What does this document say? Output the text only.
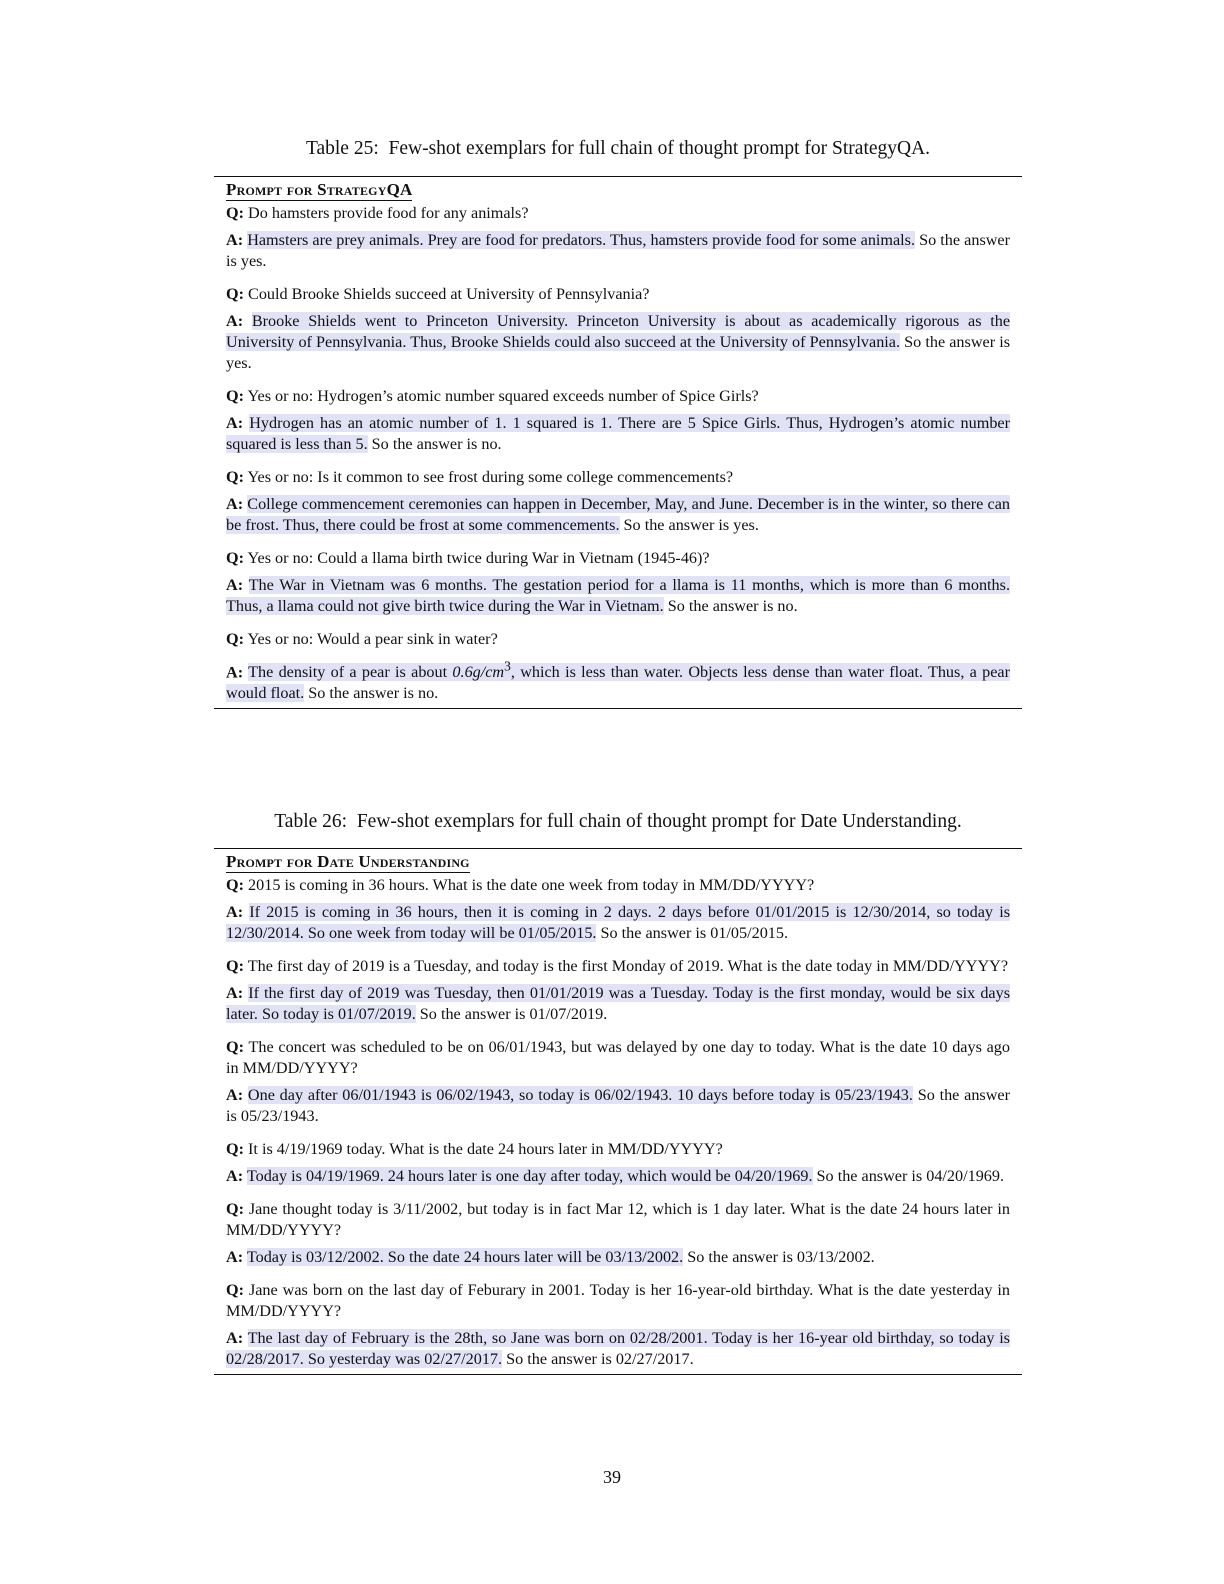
Table 25:  Few-shot exemplars for full chain of thought prompt for StrategyQA.
Prompt for StrategyQA

Q: Do hamsters provide food for any animals?

A: Hamsters are prey animals. Prey are food for predators. Thus, hamsters provide food for some animals. So the answer is yes.

Q: Could Brooke Shields succeed at University of Pennsylvania?

A: Brooke Shields went to Princeton University. Princeton University is about as academically rigorous as the University of Pennsylvania. Thus, Brooke Shields could also succeed at the University of Pennsylvania. So the answer is yes.

Q: Yes or no: Hydrogen’s atomic number squared exceeds number of Spice Girls?

A: Hydrogen has an atomic number of 1. 1 squared is 1. There are 5 Spice Girls. Thus, Hydrogen’s atomic number squared is less than 5. So the answer is no.

Q: Yes or no: Is it common to see frost during some college commencements?

A: College commencement ceremonies can happen in December, May, and June. December is in the winter, so there can be frost. Thus, there could be frost at some commencements. So the answer is yes.

Q: Yes or no: Could a llama birth twice during War in Vietnam (1945-46)?

A: The War in Vietnam was 6 months. The gestation period for a llama is 11 months, which is more than 6 months. Thus, a llama could not give birth twice during the War in Vietnam. So the answer is no.

Q: Yes or no: Would a pear sink in water?

A: The density of a pear is about $0.6g/cm^3$, which is less than water. Objects less dense than water float. Thus, a pear would float. So the answer is no.

Table 26:  Few-shot exemplars for full chain of thought prompt for Date Understanding.
Prompt for Date Understanding

Q: 2015 is coming in 36 hours. What is the date one week from today in MM/DD/YYYY?

A: If 2015 is coming in 36 hours, then it is coming in 2 days. 2 days before 01/01/2015 is 12/30/2014, so today is 12/30/2014. So one week from today will be 01/05/2015. So the answer is 01/05/2015.

Q: The first day of 2019 is a Tuesday, and today is the first Monday of 2019. What is the date today in MM/DD/YYYY?

A: If the first day of 2019 was Tuesday, then 01/01/2019 was a Tuesday. Today is the first monday, would be six days later. So today is 01/07/2019. So the answer is 01/07/2019.

Q: The concert was scheduled to be on 06/01/1943, but was delayed by one day to today. What is the date 10 days ago in MM/DD/YYYY?

A: One day after 06/01/1943 is 06/02/1943, so today is 06/02/1943. 10 days before today is 05/23/1943. So the answer is 05/23/1943.

Q: It is 4/19/1969 today. What is the date 24 hours later in MM/DD/YYYY?

A: Today is 04/19/1969. 24 hours later is one day after today, which would be 04/20/1969. So the answer is 04/20/1969.

Q: Jane thought today is 3/11/2002, but today is in fact Mar 12, which is 1 day later. What is the date 24 hours later in MM/DD/YYYY?

A: Today is 03/12/2002. So the date 24 hours later will be 03/13/2002. So the answer is 03/13/2002.

Q: Jane was born on the last day of Feburary in 2001. Today is her 16-year-old birthday. What is the date yesterday in MM/DD/YYYY?

A: The last day of February is the 28th, so Jane was born on 02/28/2001. Today is her 16-year old birthday, so today is 02/28/2017. So yesterday was 02/27/2017. So the answer is 02/27/2017.

39
